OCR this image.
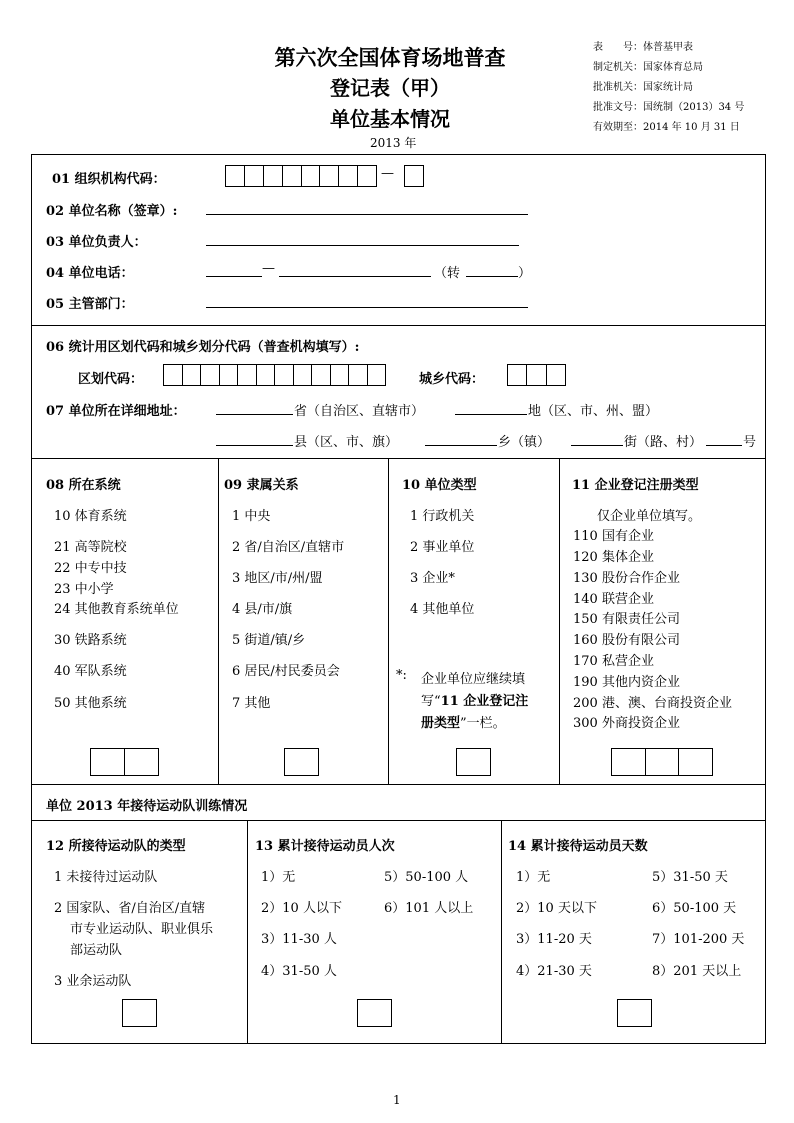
第六次全国体育场地普查
登记表（甲）
单位基本情况
2013 年
表　　号：体普基甲表
制定机关：国家体育总局
批准机关：国家统计局
批准文号：国统制（2013）34 号
有效期至：2014 年 10 月 31 日
01 组织机构代码：	—
02 单位名称（签章）:
03 单位负责人：
04 单位电话：	—	（转	）
05 主管部门：
06 统计用区划代码和城乡划分代码（普查机构填写）:
区划代码：	城乡代码：
07 单位所在详细地址：	省（自治区、直辖市）	地（区、市、州、盟）
县（区、市、旗）	乡（镇）	街（路、村）	号
08 所在系统
10 体育系统
21 高等院校
22 中专中技
23 中小学
24 其他教育系统单位
30 铁路系统
40 军队系统
50 其他系统
09 隶属关系
1 中央
2 省/自治区/直辖市
3 地区/市/州/盟
4 县/市/旗
5 街道/镇/乡
6 居民/村民委员会
7 其他
10 单位类型
1 行政机关
2 事业单位
3 企业*
4 其他单位
*: 企业单位应继续填
写“11 企业登记注
册类型”一栏。
11 企业登记注册类型
仅企业单位填写。
110 国有企业
120 集体企业
130 股份合作企业
140 联营企业
150 有限责任公司
160 股份有限公司
170 私营企业
190 其他内资企业
200 港、澳、台商投资企业
300 外商投资企业
单位 2013 年接待运动队训练情况
12 所接待运动队的类型
1 未接待过运动队
2 国家队、省/自治区/直辖
市专业运动队、职业俱乐
部运动队
3 业余运动队
13 累计接待运动员人次
1）无
2）10 人以下
3）11-30 人
4）31-50 人
5）50-100 人
6）101 人以上
14 累计接待运动员天数
1）无
2）10 天以下
3）11-20 天
4）21-30 天
5）31-50 天
6）50-100 天
7）101-200 天
8）201 天以上
1
